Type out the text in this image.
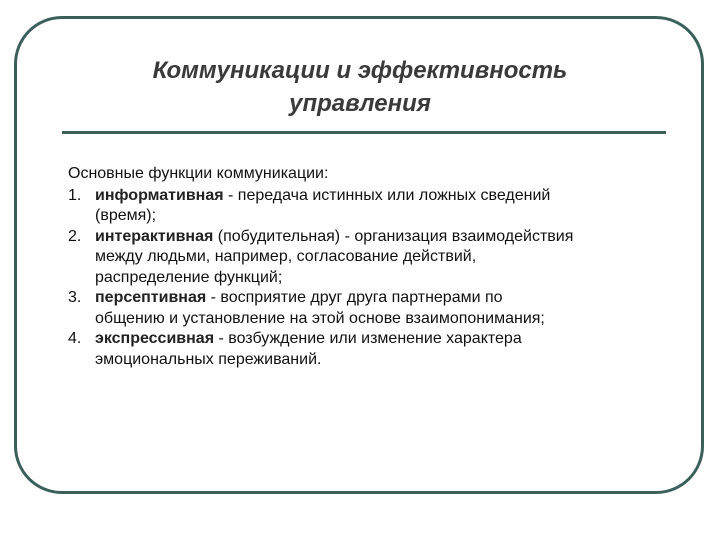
Коммуникации и эффективность
управления

Основные функции коммуникации:

1. информативная - передача истинных или ложных сведений
(время);
2. интерактивная (побудительная) - организация взаимодействия
между людьми, например, согласование действий,
распределение функций;
3. персептивная - восприятие друг друга партнерами по
общению и установление на этой основе взаимопонимания;
4. экспрессивная - возбуждение или изменение характера
эмоциональных переживаний.
